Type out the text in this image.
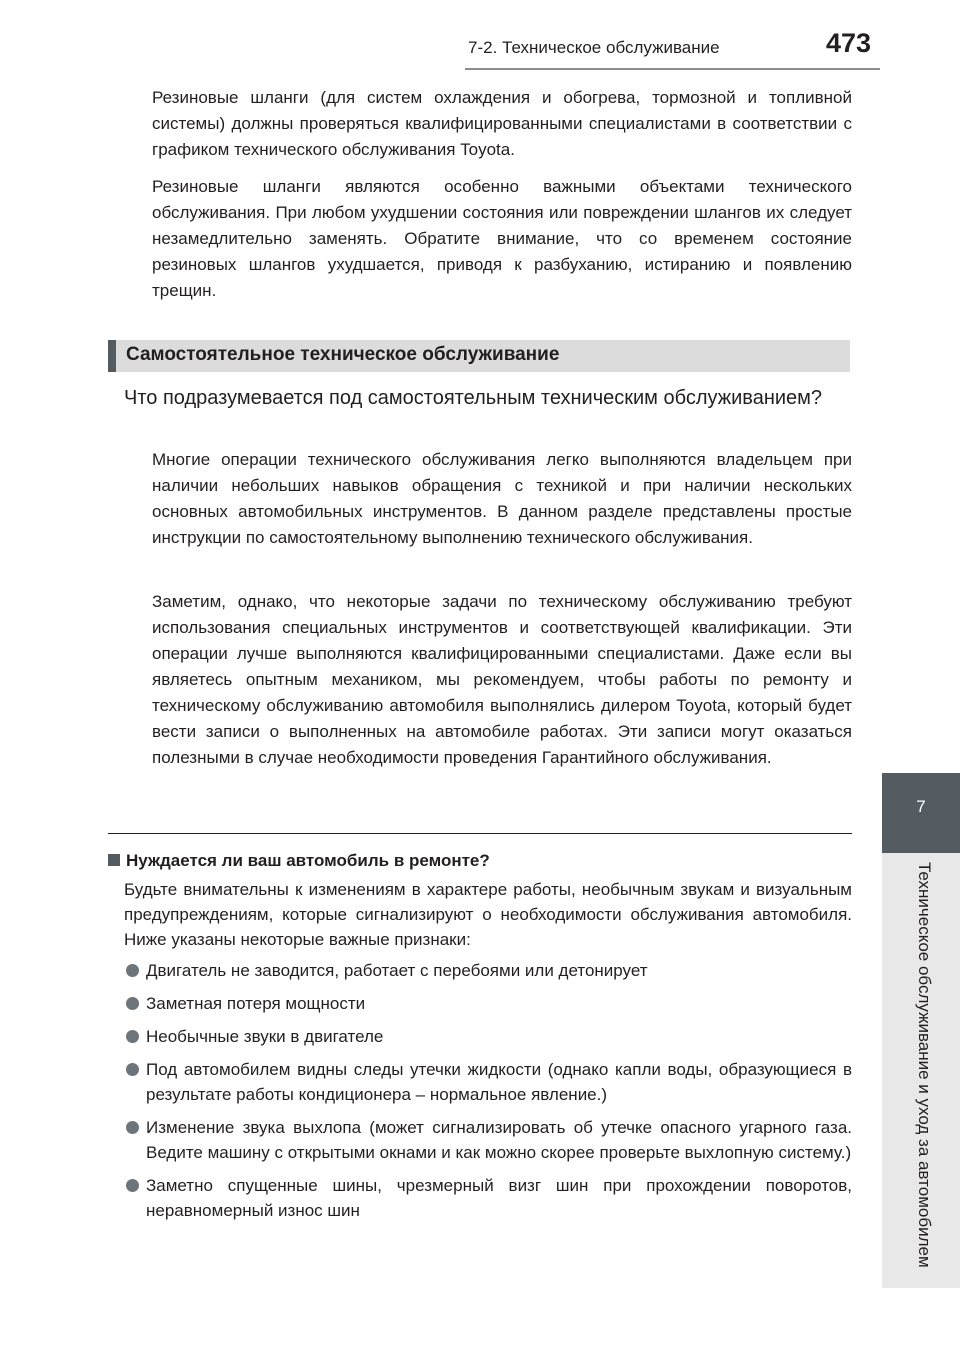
7-2. Техническое обслуживание	473
7
Техническое обслуживание и уход за автомобилем

Резиновые шланги (для систем охлаждения и обогрева, тормозной и топливной системы) должны проверяться квалифицированными специалистами в соответствии с графиком технического обслуживания Toyota.

Резиновые шланги являются особенно важными объектами технического обслуживания. При любом ухудшении состояния или повреждении шлангов их следует незамедлительно заменять. Обратите внимание, что со временем состояние резиновых шлангов ухудшается, приводя к разбуханию, истиранию и появлению трещин.

Самостоятельное техническое обслуживание

Что подразумевается под самостоятельным техническим обслуживанием?

Многие операции технического обслуживания легко выполняются владельцем при наличии небольших навыков обращения с техникой и при наличии нескольких основных автомобильных инструментов. В данном разделе представлены простые инструкции по самостоятельному выполнению технического обслуживания.

Заметим, однако, что некоторые задачи по техническому обслуживанию требуют использования специальных инструментов и соответствующей квалификации. Эти операции лучше выполняются квалифицированными специалистами. Даже если вы являетесь опытным механиком, мы рекомендуем, чтобы работы по ремонту и техническому обслуживанию автомобиля выполнялись дилером Toyota, который будет вести записи о выполненных на автомобиле работах. Эти записи могут оказаться полезными в случае необходимости проведения Гарантийного обслуживания.

Нуждается ли ваш автомобиль в ремонте?

Будьте внимательны к изменениям в характере работы, необычным звукам и визуальным предупреждениям, которые сигнализируют о необходимости обслуживания автомобиля. Ниже указаны некоторые важные признаки:

Двигатель не заводится, работает с перебоями или детонирует
Заметная потеря мощности
Необычные звуки в двигателе
Под автомобилем видны следы утечки жидкости (однако капли воды, образующиеся в результате работы кондиционера – нормальное явление.)
Изменение звука выхлопа (может сигнализировать об утечке опасного угарного газа. Ведите машину с открытыми окнами и как можно скорее проверьте выхлопную систему.)
Заметно спущенные шины, чрезмерный визг шин при прохождении поворотов, неравномерный износ шин
